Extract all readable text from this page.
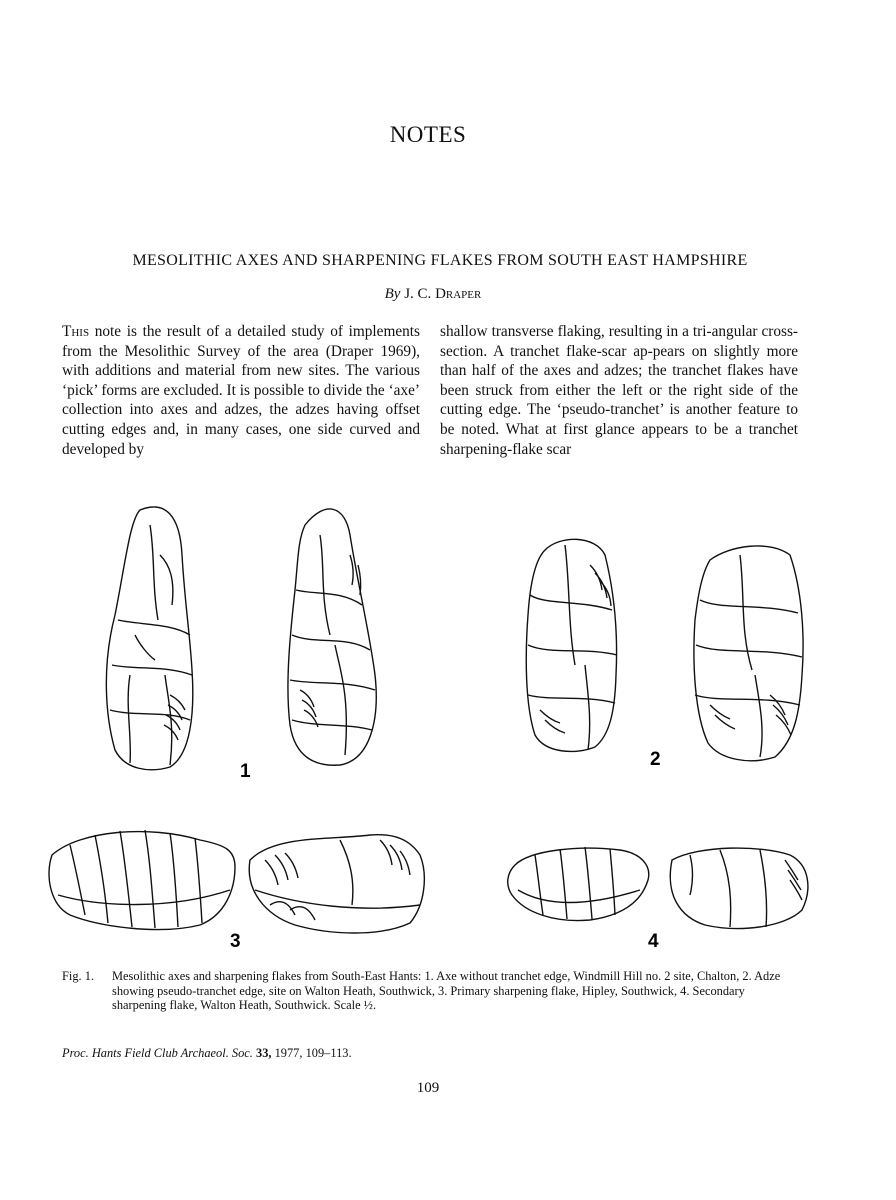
NOTES
MESOLITHIC AXES AND SHARPENING FLAKES FROM SOUTH EAST HAMPSHIRE
By J. C. Draper
This note is the result of a detailed study of implements from the Mesolithic Survey of the area (Draper 1969), with additions and material from new sites. The various ‘pick’ forms are excluded. It is possible to divide the ‘axe’ collection into axes and adzes, the adzes having offset cutting edges and, in many cases, one side curved and developed by
shallow transverse flaking, resulting in a tri-angular cross-section. A tranchet flake-scar ap-pears on slightly more than half of the axes and adzes; the tranchet flakes have been struck from either the left or the right side of the cutting edge. The ‘pseudo-tranchet’ is another feature to be noted. What at first glance appears to be a tranchet sharpening-flake scar
1
2
3	4
Fig. 1. Mesolithic axes and sharpening flakes from South-East Hants: 1. Axe without tranchet edge, Windmill Hill no. 2 site, Chalton, 2. Adze showing pseudo-tranchet edge, site on Walton Heath, Southwick, 3. Primary sharpening flake, Hipley, Southwick, 4. Secondary sharpening flake, Walton Heath, Southwick. Scale ½.
Proc. Hants Field Club Archaeol. Soc. 33, 1977, 109–113.
109
